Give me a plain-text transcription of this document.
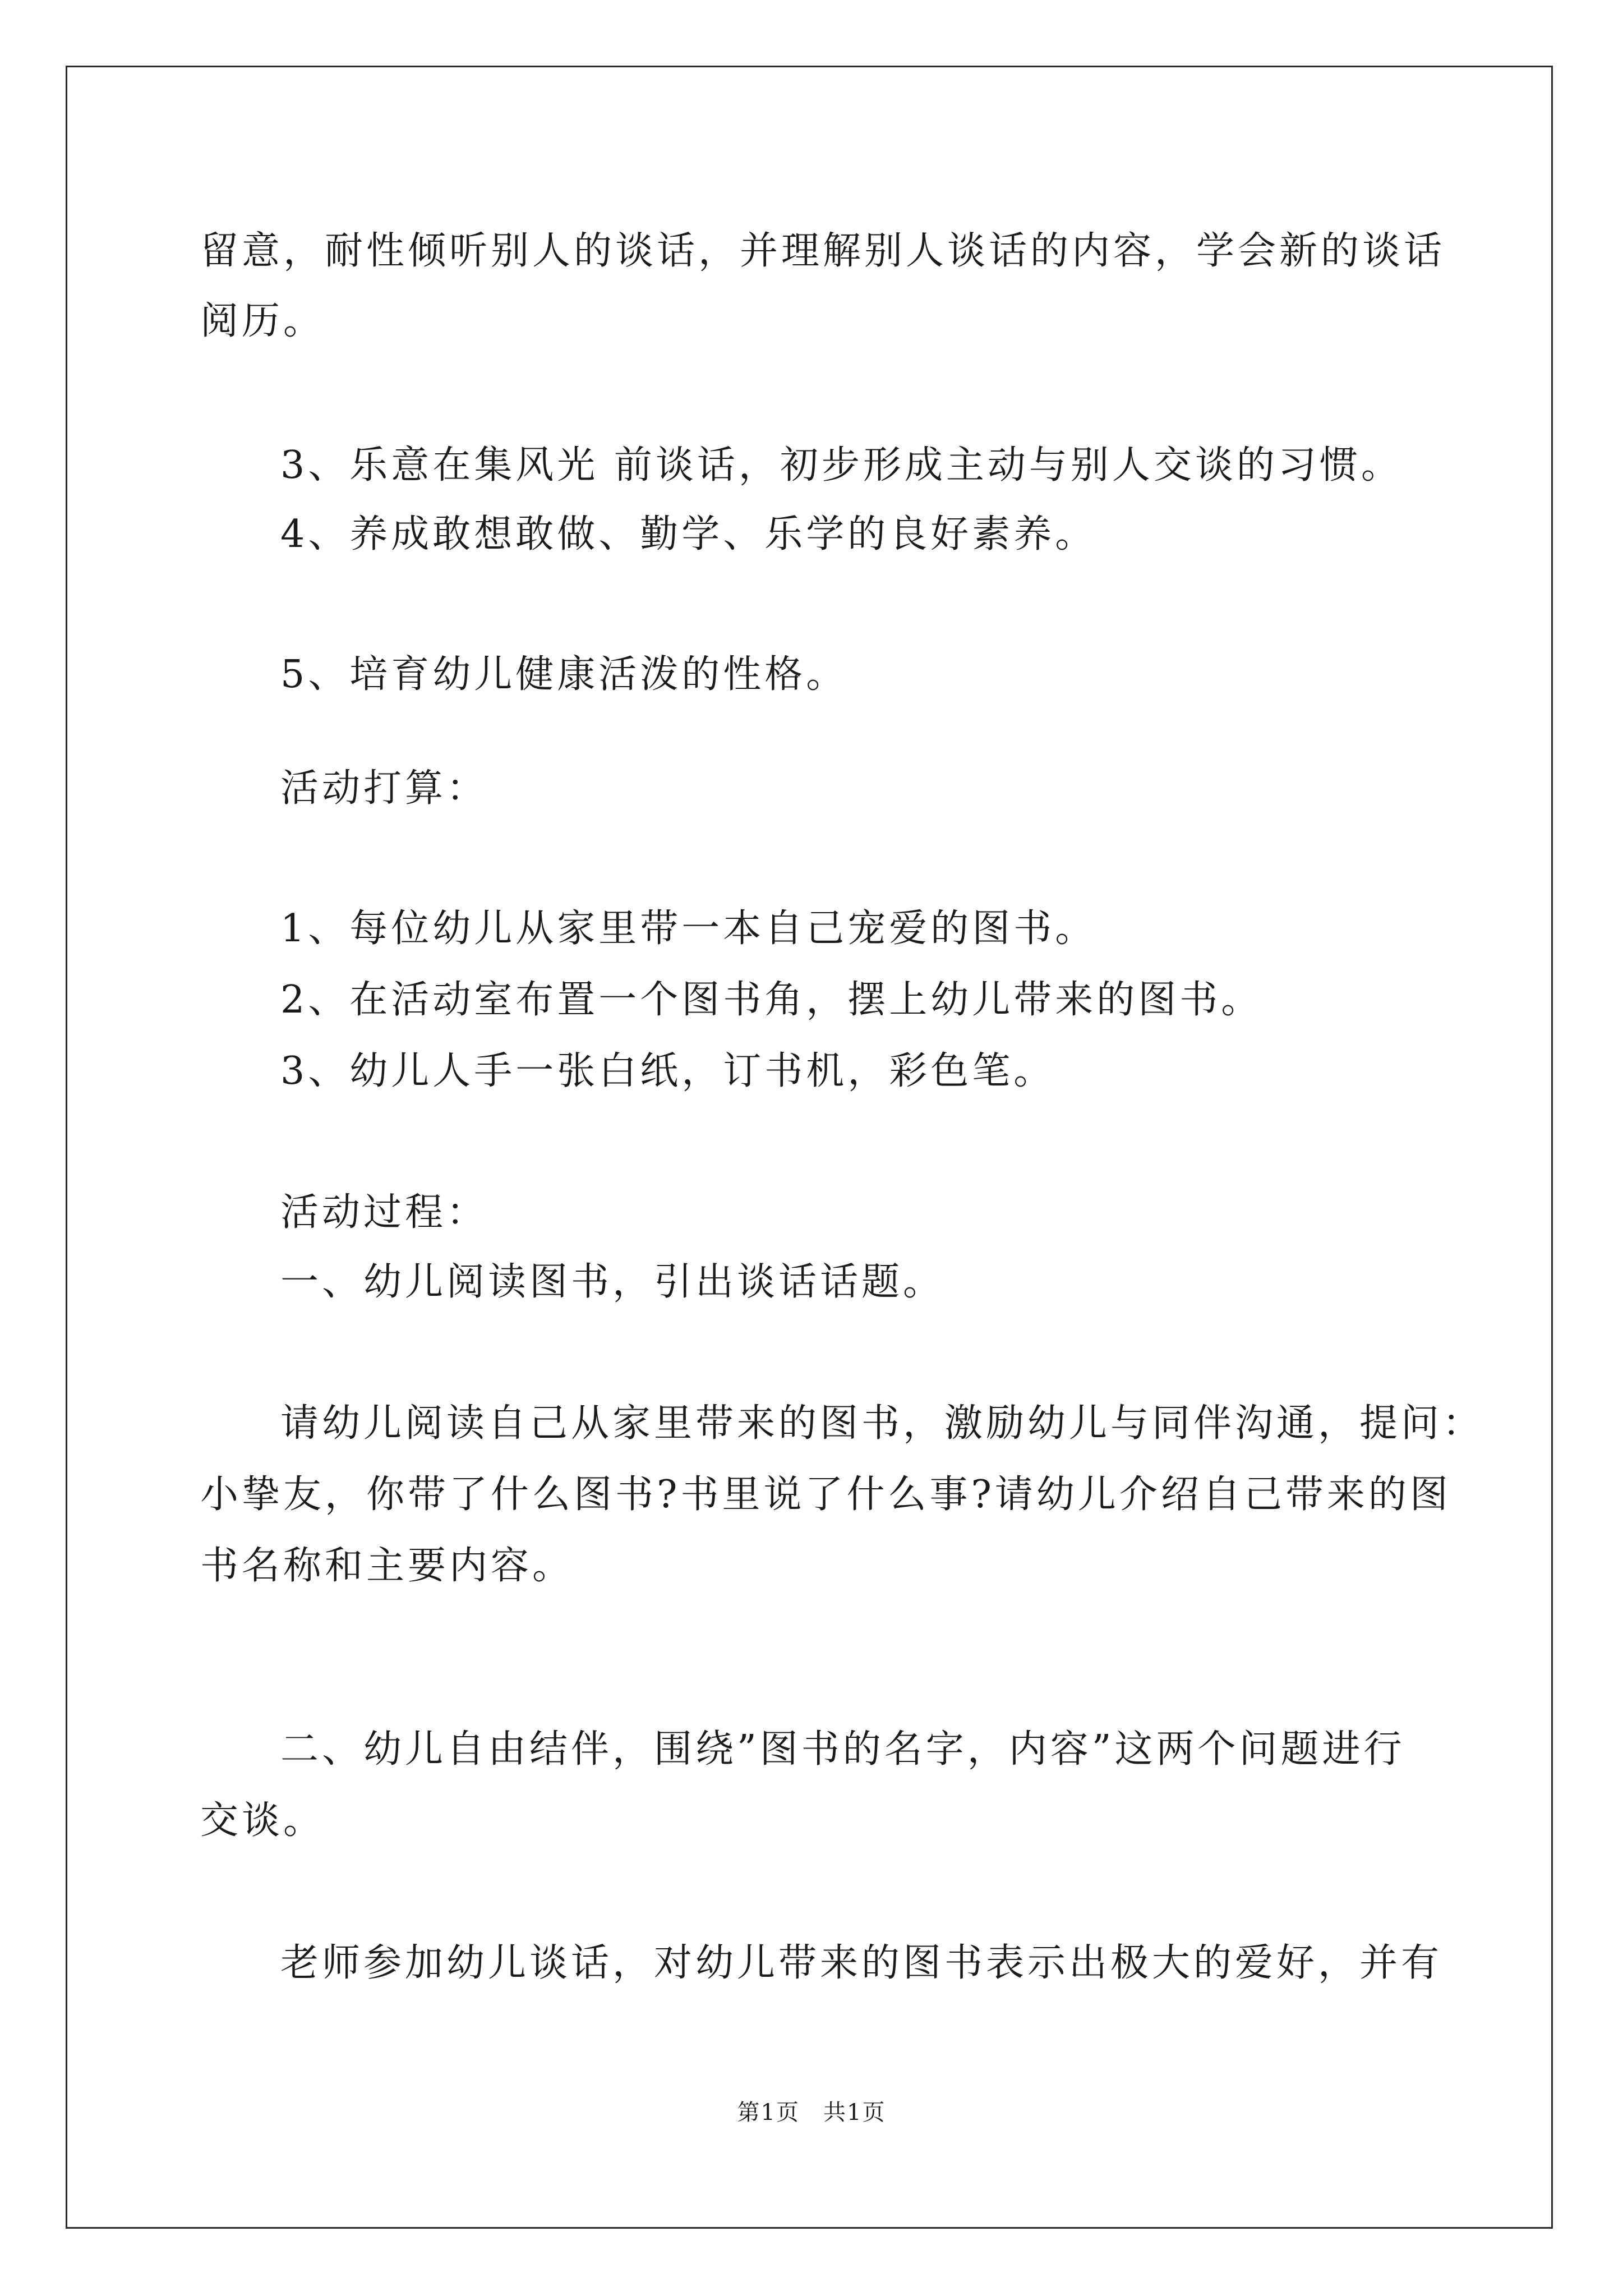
留意，耐性倾听别人的谈话，并理解别人谈话的内容，学会新的谈话
阅历。
3、乐意在集风光 前谈话，初步形成主动与别人交谈的习惯。
4、养成敢想敢做、勤学、乐学的良好素养。
5、培育幼儿健康活泼的性格。
活动打算：
1、每位幼儿从家里带一本自己宠爱的图书。
2、在活动室布置一个图书角，摆上幼儿带来的图书。
3、幼儿人手一张白纸，订书机，彩色笔。
活动过程：
一、幼儿阅读图书，引出谈话话题。
请幼儿阅读自己从家里带来的图书，激励幼儿与同伴沟通，提问：
小挚友，你带了什么图书?书里说了什么事?请幼儿介绍自己带来的图
书名称和主要内容。
二、幼儿自由结伴，围绕”图书的名字，内容”这两个问题进行
交谈。
老师参加幼儿谈话，对幼儿带来的图书表示出极大的爱好，并有
第1页　共1页
